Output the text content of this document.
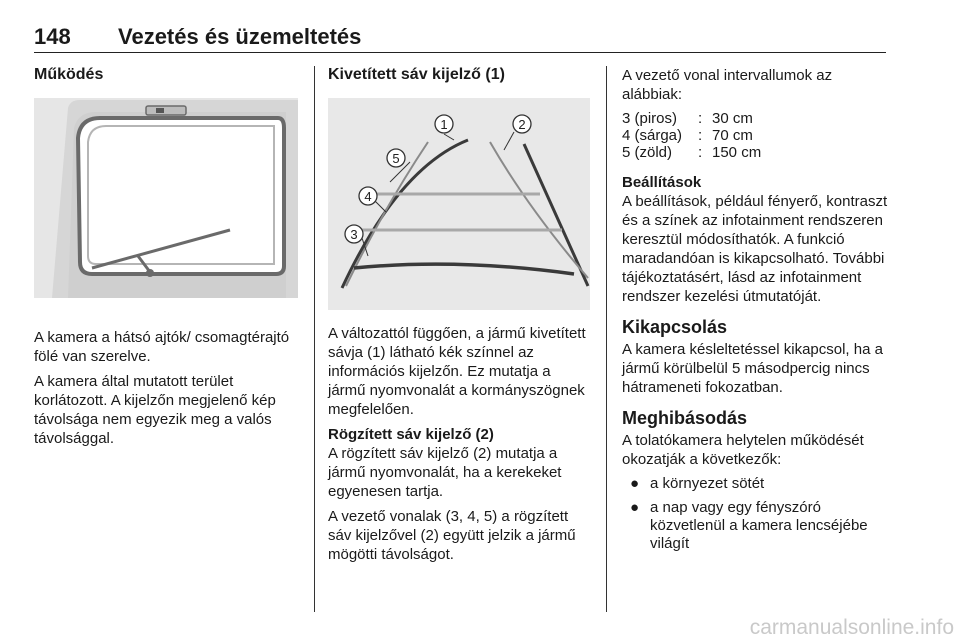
148 Vezetés és üzemeltetés
Működés

A kamera a hátsó ajtók/ csomagtérajtó fölé van szerelve.

A kamera által mutatott terület korlátozott. A kijelzőn megjelenő kép távolsága nem egyezik meg a valós távolsággal.

Kivetített sáv kijelző (1)
1	2
3
4
5

A változattól függően, a jármű kivetített sávja (1) látható kék színnel az információs kijelzőn. Ez mutatja a jármű nyomvonalát a kormányszögnek megfelelően.

Rögzített sáv kijelző (2)

A rögzített sáv kijelző (2) mutatja a jármű nyomvonalát, ha a kerekeket egyenesen tartja.

A vezető vonalak (3, 4, 5) a rögzített sáv kijelzővel (2) együtt jelzik a jármű mögötti távolságot.

A vezető vonal intervallumok az alábbiak:

3 (piros)	: 30 cm
4 (sárga)	: 70 cm
5 (zöld)	: 150 cm
Beállítások

A beállítások, például fényerő, kontraszt és a színek az infotainment rendszeren keresztül módosíthatók. A funkció maradandóan is kikapcsolható. További tájékoztatásért, lásd az infotainment rendszer kezelési útmutatóját.

Kikapcsolás

A kamera késleltetéssel kikapcsol, ha a jármű körülbelül 5 másodpercig nincs hátrameneti fokozatban.

Meghibásodás

A tolatókamera helytelen működését okozatják a következők:

● a környezet sötét
● a nap vagy egy fényszóró közvetlenül a kamera lencséjébe világít
carmanualsonline.info
